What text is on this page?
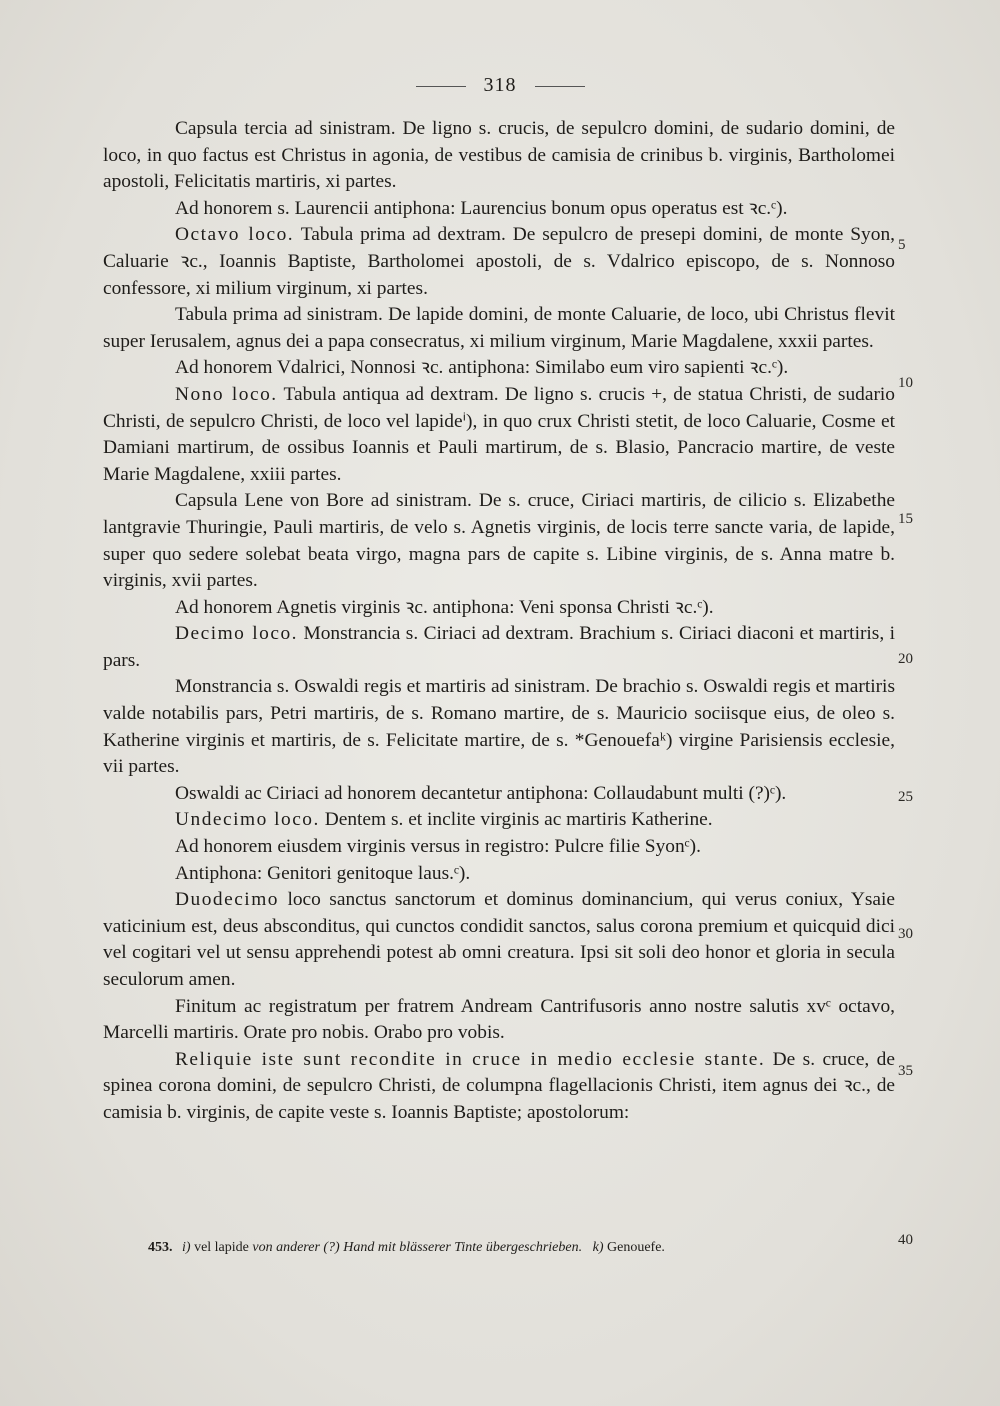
318

Capsula tercia ad sinistram. De ligno s. crucis, de sepulcro domini, de sudario domini, de loco, in quo factus est Christus in agonia, de vestibus de camisia de crinibus b. virginis, Bartholomei apostoli, Felicitatis martiris, xi partes.

Ad honorem s. Laurencii antiphona: Laurencius bonum opus operatus est ꝛc.ᶜ).

Octavo loco. Tabula prima ad dextram. De sepulcro de presepi domini, de monte Syon, Caluarie ꝛc., Ioannis Baptiste, Bartholomei apostoli, de s. Vdalrico episcopo, de s. Nonnoso confessore, xi milium virginum, xi partes.

Tabula prima ad sinistram. De lapide domini, de monte Caluarie, de loco, ubi Christus flevit super Ierusalem, agnus dei a papa consecratus, xi milium virginum, Marie Magdalene, xxxii partes.

Ad honorem Vdalrici, Nonnosi ꝛc. antiphona: Similabo eum viro sapienti ꝛc.ᶜ).

Nono loco. Tabula antiqua ad dextram. De ligno s. crucis +, de statua Christi, de sudario Christi, de sepulcro Christi, de loco vel lapideⁱ), in quo crux Christi stetit, de loco Caluarie, Cosme et Damiani martirum, de ossibus Ioannis et Pauli martirum, de s. Blasio, Pancracio martire, de veste Marie Magdalene, xxiii partes.

Capsula Lene von Bore ad sinistram. De s. cruce, Ciriaci martiris, de cilicio s. Elizabethe lantgravie Thuringie, Pauli martiris, de velo s. Agnetis virginis, de locis terre sancte varia, de lapide, super quo sedere solebat beata virgo, magna pars de capite s. Libine virginis, de s. Anna matre b. virginis, xvii partes.

Ad honorem Agnetis virginis ꝛc. antiphona: Veni sponsa Christi ꝛc.ᶜ).

Decimo loco. Monstrancia s. Ciriaci ad dextram. Brachium s. Ciriaci diaconi et martiris, i pars.

Monstrancia s. Oswaldi regis et martiris ad sinistram. De brachio s. Oswaldi regis et martiris valde notabilis pars, Petri martiris, de s. Romano martire, de s. Mauricio sociisque eius, de oleo s. Katherine virginis et martiris, de s. Felicitate martire, de s. *Genouefaᵏ) virgine Parisiensis ecclesie, vii partes.

Oswaldi ac Ciriaci ad honorem decantetur antiphona: Collaudabunt multi (?)ᶜ).

Undecimo loco. Dentem s. et inclite virginis ac martiris Katherine.

Ad honorem eiusdem virginis versus in registro: Pulcre filie Syonᶜ).

Antiphona: Genitori genitoque laus.ᶜ).

Duodecimo loco sanctus sanctorum et dominus dominancium, qui verus coniux, Ysaie vaticinium est, deus absconditus, qui cunctos condidit sanctos, salus corona premium et quicquid dici vel cogitari vel ut sensu apprehendi potest ab omni creatura. Ipsi sit soli deo honor et gloria in secula seculorum amen.

Finitum ac registratum per fratrem Andream Cantrifusoris anno nostre salutis xvᶜ octavo, Marcelli martiris. Orate pro nobis. Orabo pro vobis.

Reliquie iste sunt recondite in cruce in medio ecclesie stante. De s. cruce, de spinea corona domini, de sepulcro Christi, de columpna flagellacionis Christi, item agnus dei ꝛc., de camisia b. virginis, de capite veste s. Ioannis Baptiste; apostolorum:

5
10
15
20
25
30
35
40
453. i) vel lapide von anderer (?) Hand mit blässerer Tinte übergeschrieben. k) Genouefe.
